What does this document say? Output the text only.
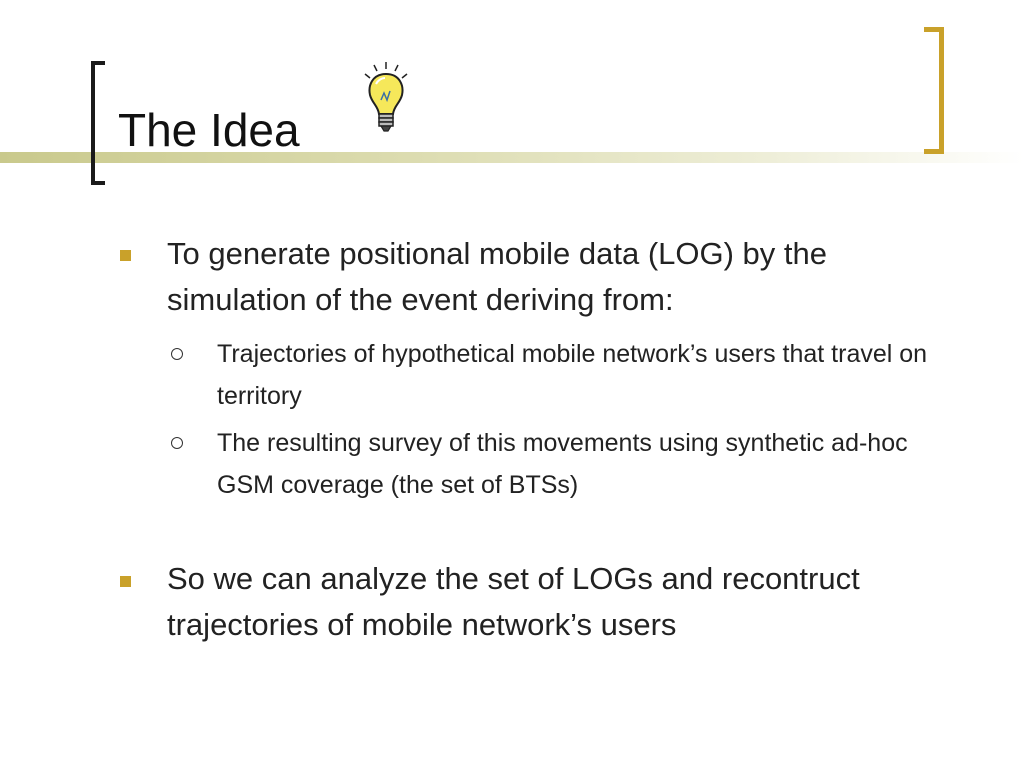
The Idea
To generate positional mobile data (LOG) by the simulation of the event deriving from:
Trajectories of hypothetical mobile network’s users that travel on territory
The resulting survey of this movements using synthetic ad-hoc GSM coverage (the set of BTSs)
So we can analyze the set of LOGs and recontruct trajectories of mobile network’s users
